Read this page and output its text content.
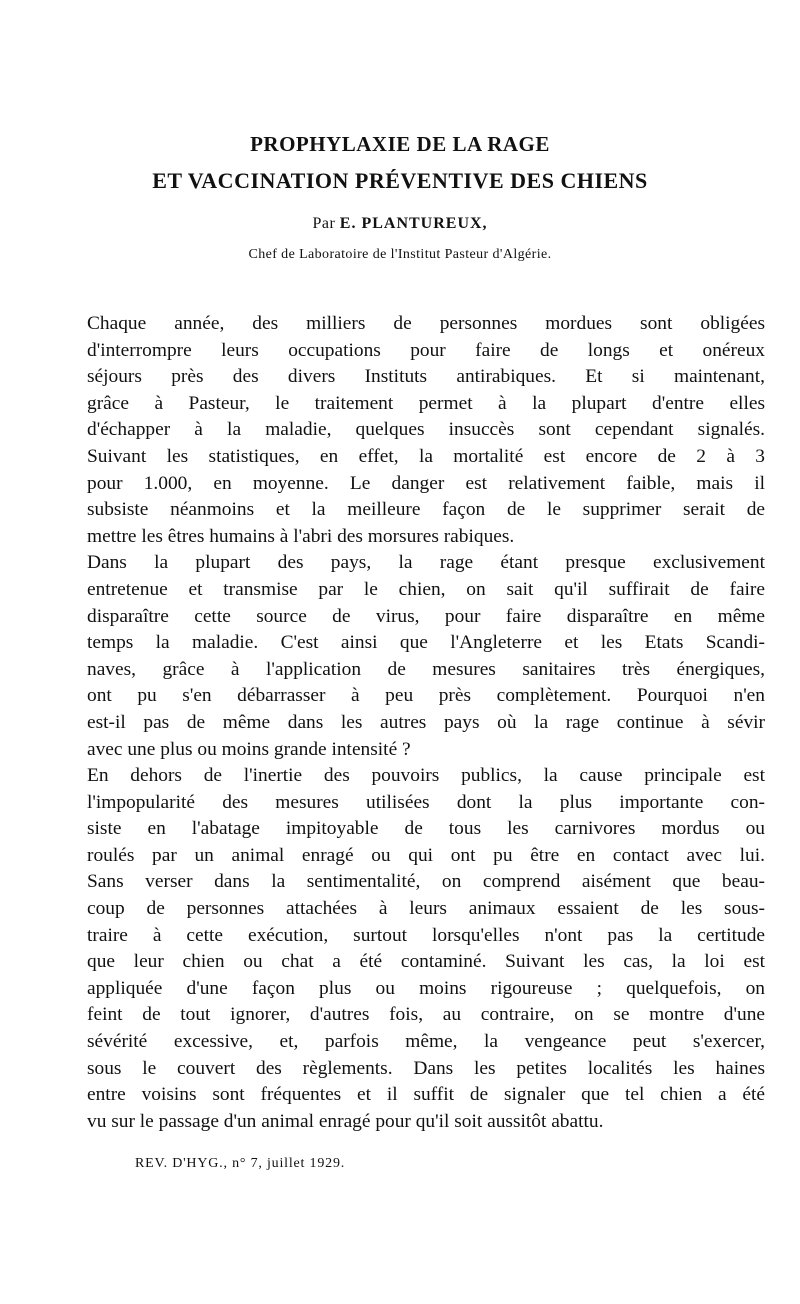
PROPHYLAXIE DE LA RAGE
ET VACCINATION PRÉVENTIVE DES CHIENS
Par E. PLANTUREUX,
Chef de Laboratoire de l'Institut Pasteur d'Algérie.

Chaque année, des milliers de personnes mordues sont obligées
d'interrompre leurs occupations pour faire de longs et onéreux
séjours près des divers Instituts antirabiques. Et si maintenant,
grâce à Pasteur, le traitement permet à la plupart d'entre elles
d'échapper à la maladie, quelques insuccès sont cependant signalés.
Suivant les statistiques, en effet, la mortalité est encore de 2 à 3
pour 1.000, en moyenne. Le danger est relativement faible, mais il
subsiste néanmoins et la meilleure façon de le supprimer serait de
mettre les êtres humains à l'abri des morsures rabiques.

Dans la plupart des pays, la rage étant presque exclusivement
entretenue et transmise par le chien, on sait qu'il suffirait de faire
disparaître cette source de virus, pour faire disparaître en même
temps la maladie. C'est ainsi que l'Angleterre et les Etats Scandi-
naves, grâce à l'application de mesures sanitaires très énergiques,
ont pu s'en débarrasser à peu près complètement. Pourquoi n'en
est-il pas de même dans les autres pays où la rage continue à sévir
avec une plus ou moins grande intensité ?

En dehors de l'inertie des pouvoirs publics, la cause principale est
l'impopularité des mesures utilisées dont la plus importante con-
siste en l'abatage impitoyable de tous les carnivores mordus ou
roulés par un animal enragé ou qui ont pu être en contact avec lui.
Sans verser dans la sentimentalité, on comprend aisément que beau-
coup de personnes attachées à leurs animaux essaient de les sous-
traire à cette exécution, surtout lorsqu'elles n'ont pas la certitude
que leur chien ou chat a été contaminé. Suivant les cas, la loi est
appliquée d'une façon plus ou moins rigoureuse ; quelquefois, on
feint de tout ignorer, d'autres fois, au contraire, on se montre d'une
sévérité excessive, et, parfois même, la vengeance peut s'exercer,
sous le couvert des règlements. Dans les petites localités les haines
entre voisins sont fréquentes et il suffit de signaler que tel chien a été
vu sur le passage d'un animal enragé pour qu'il soit aussitôt abattu.

REV. D'HYG., n° 7, juillet 1929.
